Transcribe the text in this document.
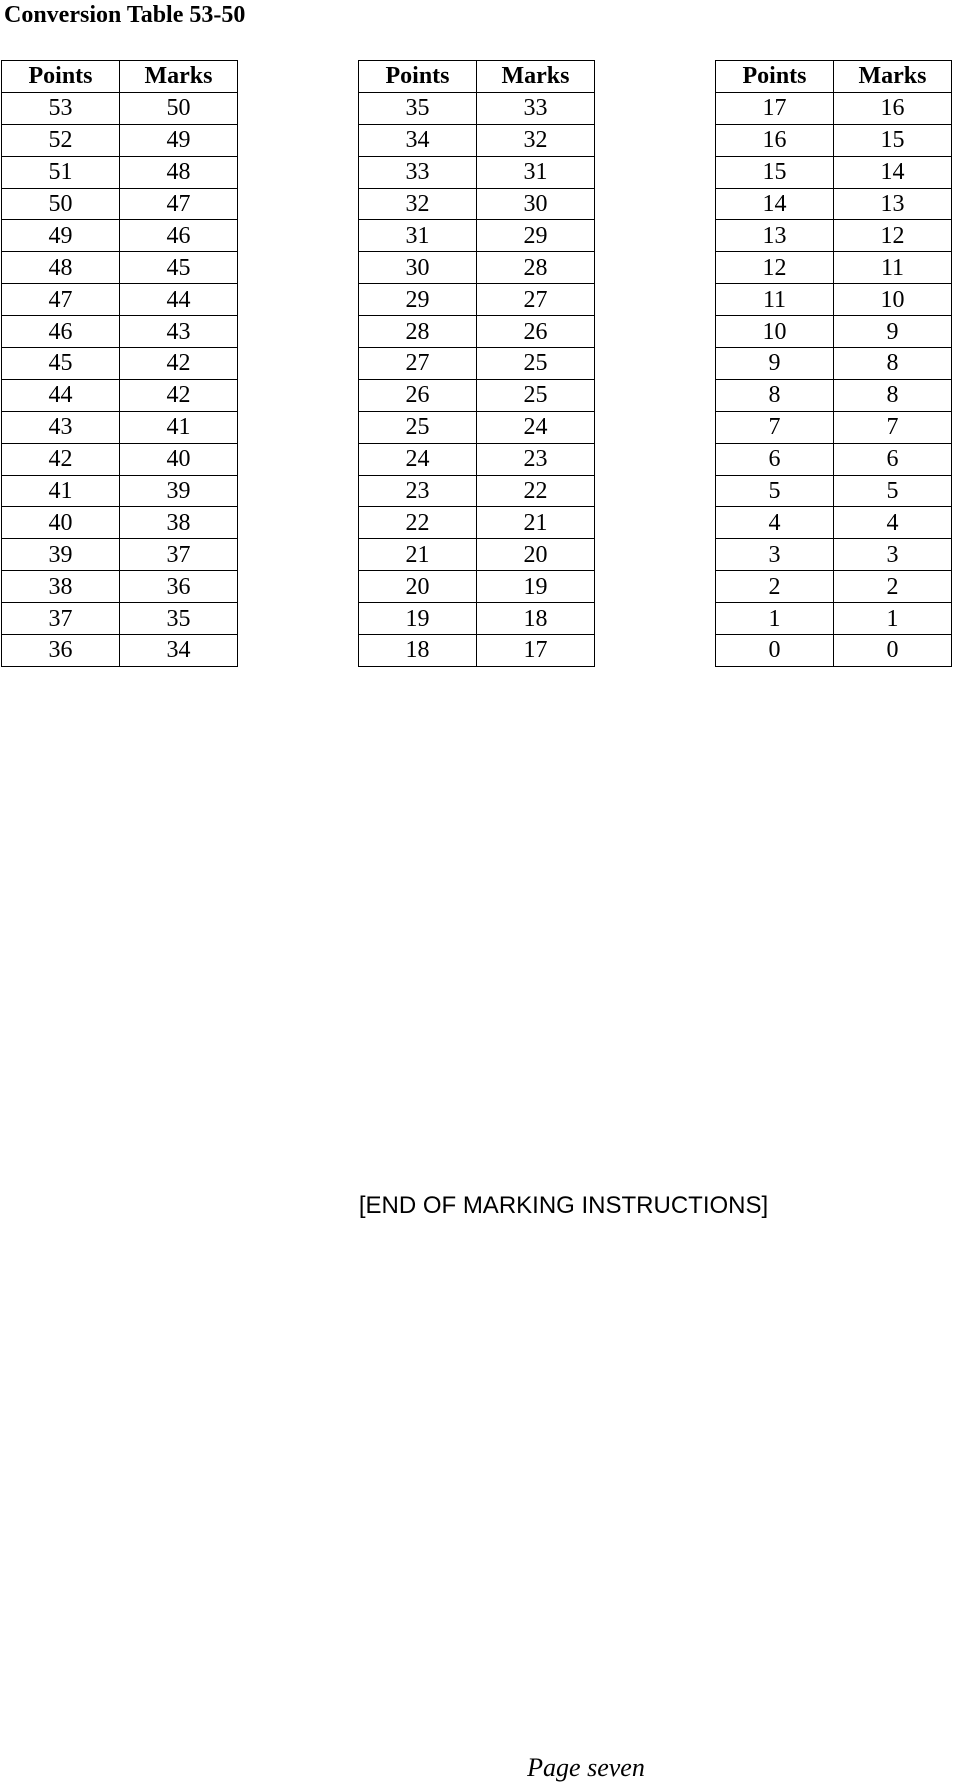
Conversion Table 53-50
Points	Marks
53	50
52	49
51	48
50	47
49	46
48	45
47	44
46	43
45	42
44	42
43	41
42	40
41	39
40	38
39	37
38	36
37	35
36	34
Points	Marks
35	33
34	32
33	31
32	30
31	29
30	28
29	27
28	26
27	25
26	25
25	24
24	23
23	22
22	21
21	20
20	19
19	18
18	17
Points	Marks
17	16
16	15
15	14
14	13
13	12
12	11
11	10
10	9
9	8
8	8
7	7
6	6
5	5
4	4
3	3
2	2
1	1
0	0
[END OF MARKING INSTRUCTIONS]
Page seven
